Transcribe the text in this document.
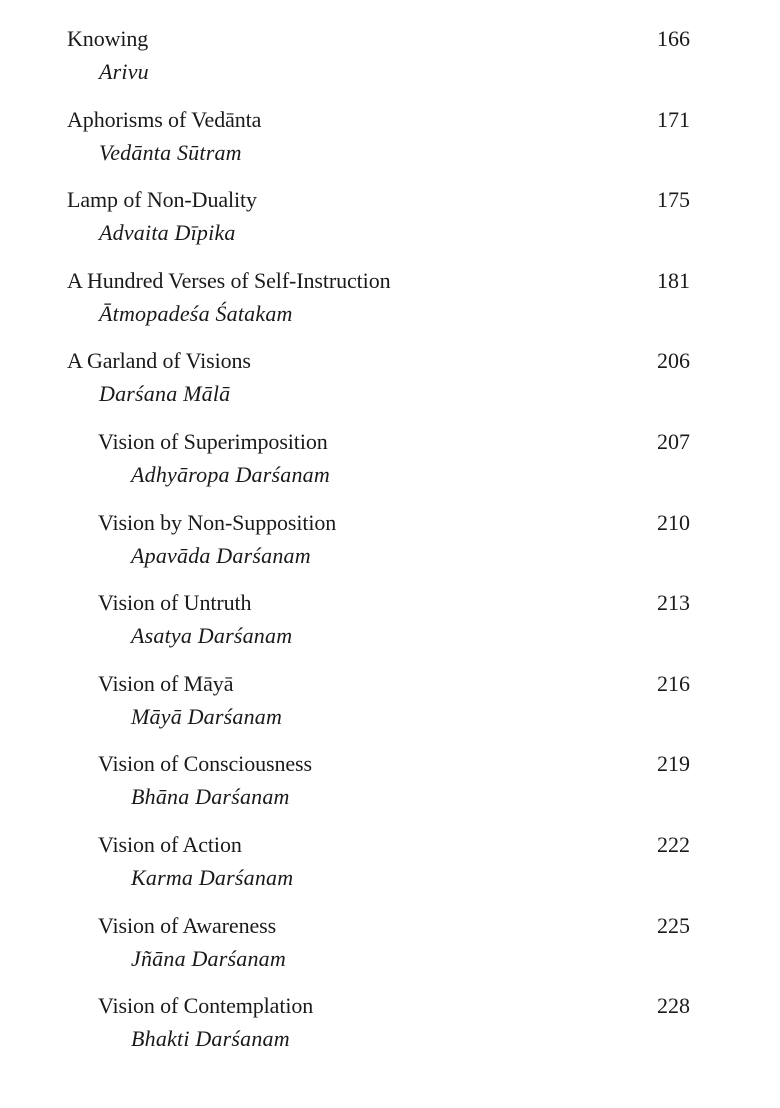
Knowing
Arivu
166
Aphorisms of Vedānta
Vedānta Sūtram
171
Lamp of Non-Duality
Advaita Dīpika
175
A Hundred Verses of Self-Instruction
Ātmopadeśa Śatakam
181
A Garland of Visions
Darśana Mālā
206
Vision of Superimposition
Adhyāropa Darśanam
207
Vision by Non-Supposition
Apavāda Darśanam
210
Vision of Untruth
Asatya Darśanam
213
Vision of Māyā
Māyā Darśanam
216
Vision of Consciousness
Bhāna Darśanam
219
Vision of Action
Karma Darśanam
222
Vision of Awareness
Jñāna Darśanam
225
Vision of Contemplation
Bhakti Darśanam
228
